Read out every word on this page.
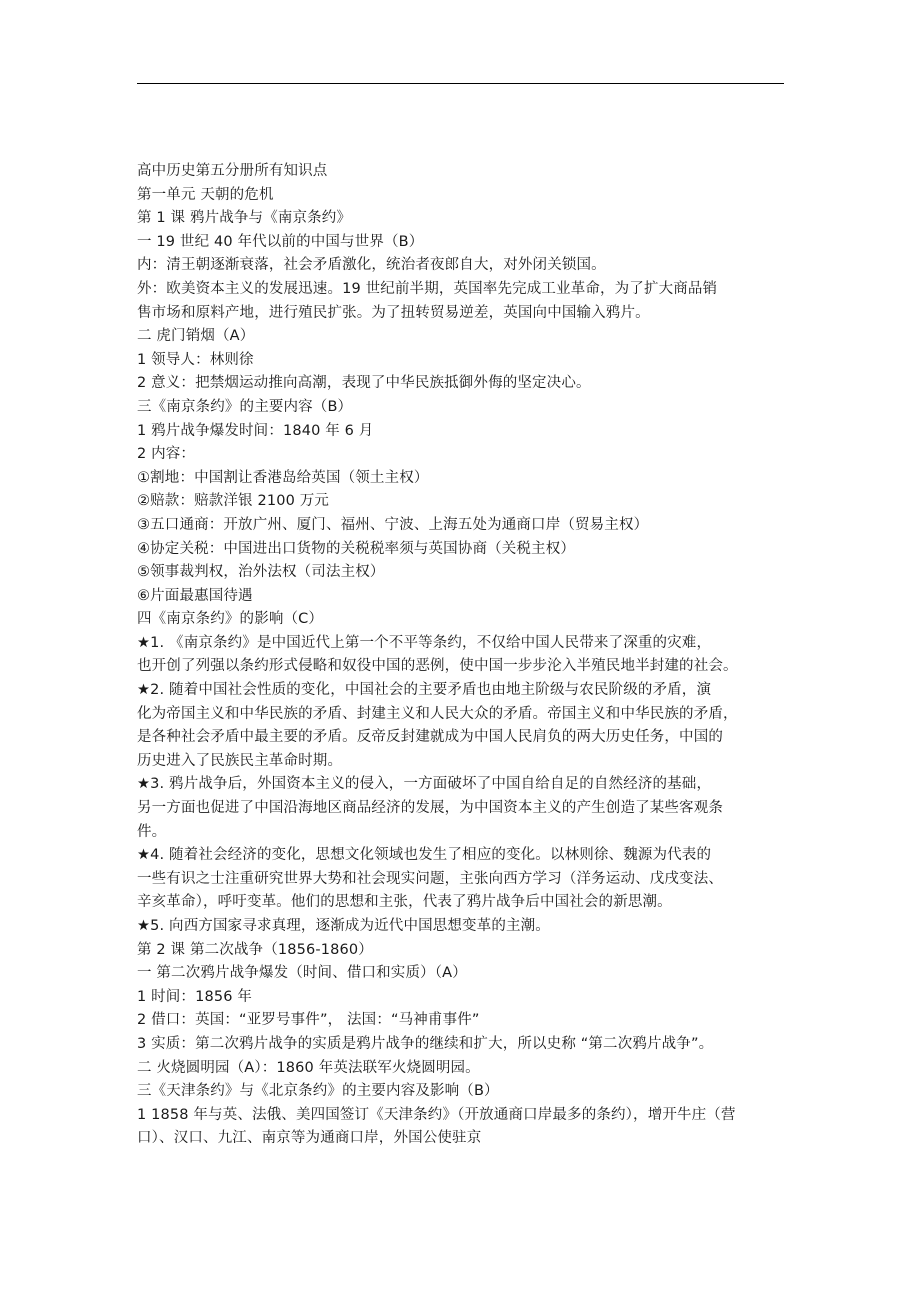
高中历史第五分册所有知识点
第一单元 天朝的危机
第 1 课 鸦片战争与《南京条约》
一 19 世纪 40 年代以前的中国与世界（B）
内：清王朝逐渐衰落，社会矛盾激化，统治者夜郎自大，对外闭关锁国。
外：欧美资本主义的发展迅速。19 世纪前半期，英国率先完成工业革命，为了扩大商品销
售市场和原料产地，进行殖民扩张。为了扭转贸易逆差，英国向中国输入鸦片。
二 虎门销烟（A）
1 领导人：林则徐
2 意义：把禁烟运动推向高潮，表现了中华民族抵御外侮的坚定决心。
三《南京条约》的主要内容（B）
1 鸦片战争爆发时间：1840 年 6 月
2 内容：
①割地：中国割让香港岛给英国（领土主权）
②赔款：赔款洋银 2100 万元
③五口通商：开放广州、厦门、福州、宁波、上海五处为通商口岸（贸易主权）
④协定关税：中国进出口货物的关税税率须与英国协商（关税主权）
⑤领事裁判权，治外法权（司法主权）
⑥片面最惠国待遇
四《南京条约》的影响（C）
★1. 《南京条约》是中国近代上第一个不平等条约，不仅给中国人民带来了深重的灾难，
也开创了列强以条约形式侵略和奴役中国的恶例，使中国一步步沦入半殖民地半封建的社会。
★2. 随着中国社会性质的变化，中国社会的主要矛盾也由地主阶级与农民阶级的矛盾，演
化为帝国主义和中华民族的矛盾、封建主义和人民大众的矛盾。帝国主义和中华民族的矛盾，
是各种社会矛盾中最主要的矛盾。反帝反封建就成为中国人民肩负的两大历史任务，中国的
历史进入了民族民主革命时期。
★3. 鸦片战争后，外国资本主义的侵入，一方面破坏了中国自给自足的自然经济的基础，
另一方面也促进了中国沿海地区商品经济的发展，为中国资本主义的产生创造了某些客观条
件。
★4. 随着社会经济的变化，思想文化领域也发生了相应的变化。以林则徐、魏源为代表的
一些有识之士注重研究世界大势和社会现实问题，主张向西方学习（洋务运动、戊戌变法、
辛亥革命），呼吁变革。他们的思想和主张，代表了鸦片战争后中国社会的新思潮。
★5. 向西方国家寻求真理，逐渐成为近代中国思想变革的主潮。
第 2 课 第二次战争（1856-1860）
一 第二次鸦片战争爆发（时间、借口和实质）（A）
1 时间：1856 年
2 借口：英国：“亚罗号事件”， 法国：“马神甫事件”
3 实质：第二次鸦片战争的实质是鸦片战争的继续和扩大，所以史称 “第二次鸦片战争”。
二 火烧圆明园（A）：1860 年英法联军火烧圆明园。
三《天津条约》与《北京条约》的主要内容及影响（B）
1 1858 年与英、法俄、美四国签订《天津条约》（开放通商口岸最多的条约），增开牛庄（营
口）、汉口、九江、南京等为通商口岸，外国公使驻京
